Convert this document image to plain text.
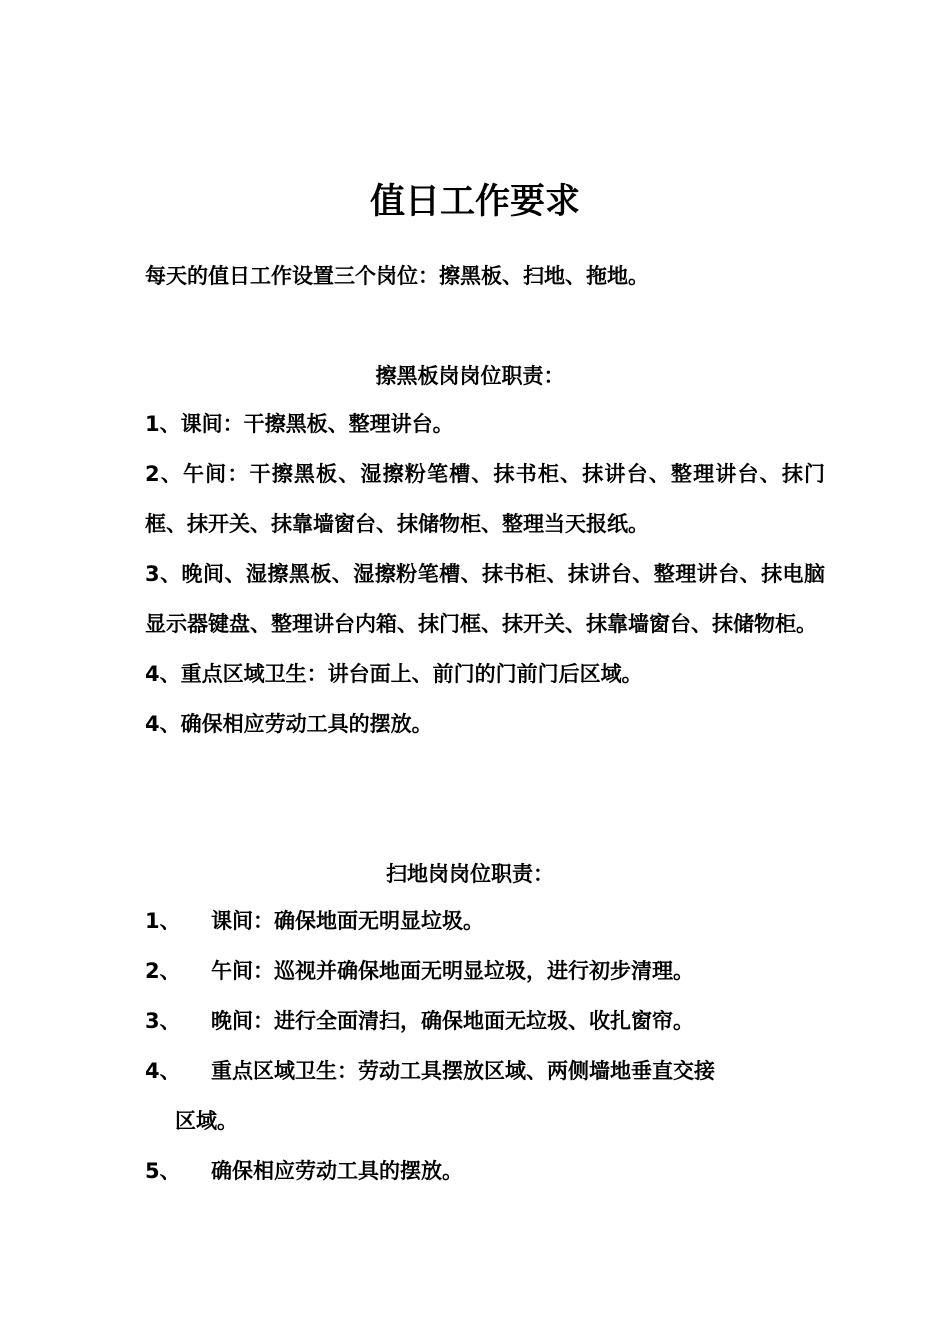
值日工作要求
每天的值日工作设置三个岗位：擦黑板、扫地、拖地。
擦黑板岗岗位职责：

1、课间：干擦黑板、整理讲台。

2、午间：干擦黑板、湿擦粉笔槽、抹书柜、抹讲台、整理讲台、抹门框、抹开关、抹靠墙窗台、抹储物柜、整理当天报纸。

3、晚间、湿擦黑板、湿擦粉笔槽、抹书柜、抹讲台、整理讲台、抹电脑显示器键盘、整理讲台内箱、抹门框、抹开关、抹靠墙窗台、抹储物柜。

4、重点区域卫生：讲台面上、前门的门前门后区域。

4、确保相应劳动工具的摆放。

扫地岗岗位职责：
1、	课间：确保地面无明显垃圾。
2、	午间：巡视并确保地面无明显垃圾，进行初步清理。
3、	晚间：进行全面清扫，确保地面无垃圾、收扎窗帘。
4、	重点区域卫生：劳动工具摆放区域、两侧墙地垂直交接

区域。

5、	确保相应劳动工具的摆放。
